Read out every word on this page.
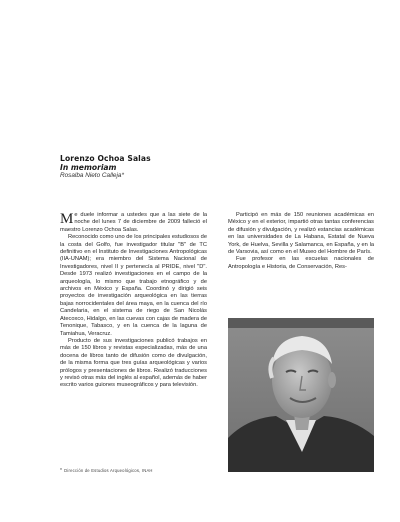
Lorenzo Ochoa Salas
In memoriam
Rosalba Nieto Calleja*

Me duele informar a ustedes que a las siete de la noche del lunes 7 de diciembre de 2009 falleció el maestro Lorenzo Ochoa Salas.

Reconocido como uno de los principales estudiosos de la costa del Golfo, fue investigador titular "B" de TC definitivo en el Instituto de Investigaciones Antropológicas (IIA-UNAM); era miembro del Sistema Nacional de Investigadores, nivel II y pertenecía al PRIDE, nivel "D". Desde 1973 realizó investigaciones en el campo de la arqueología, lo mismo que trabajo etnográfico y de archivos en México y España. Coordinó y dirigió seis proyectos de investigación arqueológica en las tierras bajas norrocidentales del área maya, en la cuenca del río Candelaria, en el sistema de riego de San Nicolás Atecoxco, Hidalgo, en las cuevas con cajas de madera de Tenonique, Tabasco, y en la cuenca de la laguna de Tamiahua, Veracruz.

Producto de sus investigaciones publicó trabajos en más de 150 libros y revistas especializadas, más de una docena de libros tanto de difusión como de divulgación, de la misma forma que tres guías arqueológicas y varios prólogos y presentaciones de libros. Realizó traducciones y revisó otras más del inglés al español, además de haber escrito varios guiones museográficos y para televisión.

Participó en más de 150 reuniones académicas en México y en el exterior, impartió otras tantas conferencias de difusión y divulgación, y realizó estancias académicas en las universidades de La Habana, Estatal de Nueva York, de Huelva, Sevilla y Salamanca, en España, y en la de Varsovia, así como en el Museo del Hombre de París.

Fue profesor en las escuelas nacionales de Antropología e Historia, de Conservación, Res-

* Dirección de Estudios Arqueológicos, INAH
